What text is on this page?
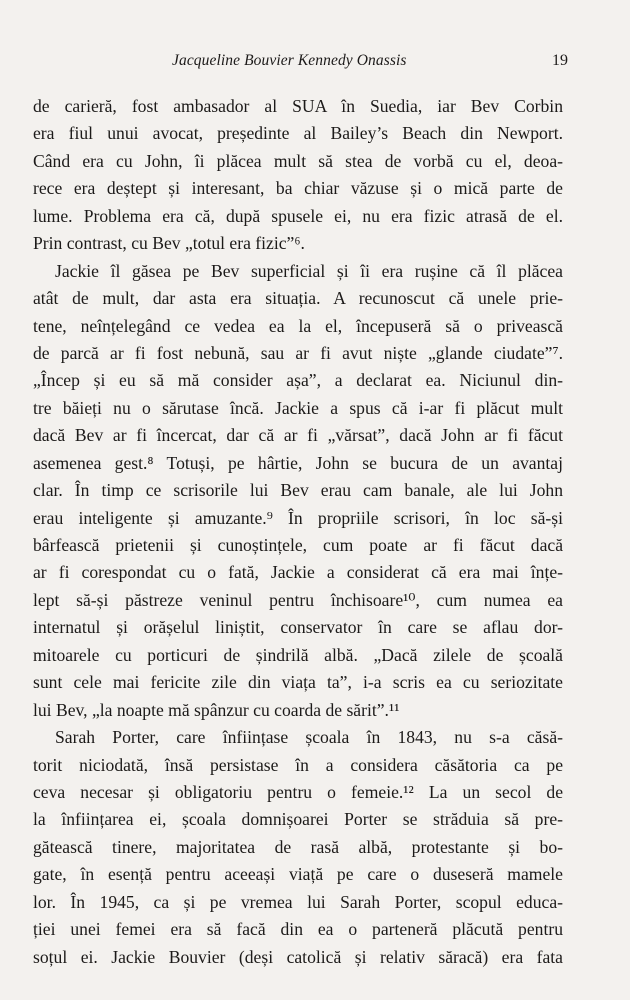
Jacqueline Bouvier Kennedy Onassis	19
de carieră, fost ambasador al SUA în Suedia, iar Bev Corbin
era fiul unui avocat, președinte al Bailey’s Beach din Newport.
Când era cu John, îi plăcea mult să stea de vorbă cu el, deoa-
rece era deștept și interesant, ba chiar văzuse și o mică parte de
lume. Problema era că, după spusele ei, nu era fizic atrasă de el.
Prin contrast, cu Bev „totul era fizic”⁶.
Jackie îl găsea pe Bev superficial și îi era rușine că îl plăcea
atât de mult, dar asta era situația. A recunoscut că unele prie-
tene, neînțelegând ce vedea ea la el, începuseră să o privească
de parcă ar fi fost nebună, sau ar fi avut niște „glande ciudate”⁷.
„Încep și eu să mă consider așa”, a declarat ea. Niciunul din-
tre băieți nu o sărutase încă. Jackie a spus că i-ar fi plăcut mult
dacă Bev ar fi încercat, dar că ar fi „vărsat”, dacă John ar fi făcut
asemenea gest.⁸ Totuși, pe hârtie, John se bucura de un avantaj
clar. În timp ce scrisorile lui Bev erau cam banale, ale lui John
erau inteligente și amuzante.⁹ În propriile scrisori, în loc să-și
bârfească prietenii și cunoștințele, cum poate ar fi făcut dacă
ar fi corespondat cu o fată, Jackie a considerat că era mai înțe-
lept să-și păstreze veninul pentru închisoare¹⁰, cum numea ea
internatul și orășelul liniștit, conservator în care se aflau dor-
mitoarele cu porticuri de șindrilă albă. „Dacă zilele de școală
sunt cele mai fericite zile din viața ta”, i-a scris ea cu seriozitate
lui Bev, „la noapte mă spânzur cu coarda de sărit”.¹¹
Sarah Porter, care înființase școala în 1843, nu s-a căsă-
torit niciodată, însă persistase în a considera căsătoria ca pe
ceva necesar și obligatoriu pentru o femeie.¹² La un secol de
la înființarea ei, școala domnișoarei Porter se străduia să pre-
gătească tinere, majoritatea de rasă albă, protestante și bo-
gate, în esență pentru aceeași viață pe care o duseseră mamele
lor. În 1945, ca și pe vremea lui Sarah Porter, scopul educa-
ției unei femei era să facă din ea o parteneră plăcută pentru
soțul ei. Jackie Bouvier (deși catolică și relativ săracă) era fata
